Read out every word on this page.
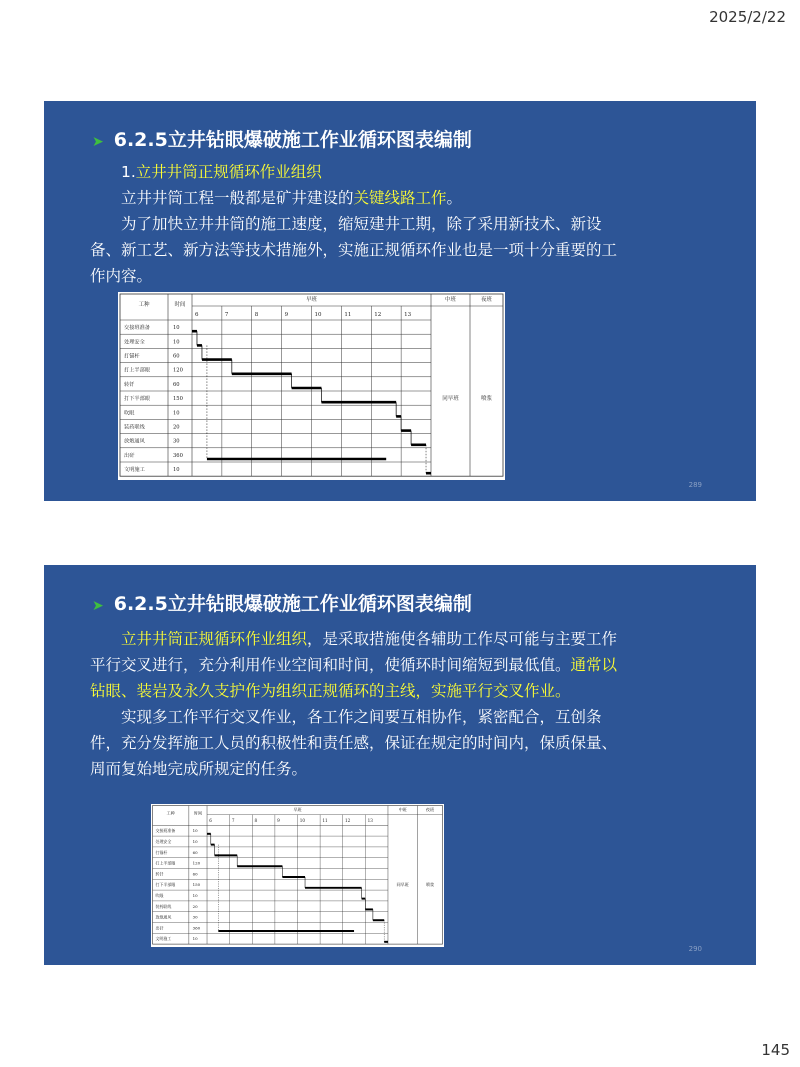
2025/2/22
➤ 6.2.5立井钻眼爆破施工作业循环图表编制
1.立井井筒正规循环作业组织
立井井筒工程一般都是矿井建设的关键线路工作。
为了加快立井井筒的施工速度，缩短建井工期，除了采用新技术、新设备、新工艺、新方法等技术措施外，实施正规循环作业也是一项十分重要的工作内容。
工种	时间
早班	中班	夜班
6	7	8	9	10	11	12	13
交接班准备	10
处理安全	10
打锚杆	60
打上半部眼	120
转钎	60
打下半部眼	150
吹眼	10
装药联线	20
放炮通风	30
出矸	360
文明施工	10
同早班	喷浆
289
➤ 6.2.5立井钻眼爆破施工作业循环图表编制
立井井筒正规循环作业组织，是采取措施使各辅助工作尽可能与主要工作平行交叉进行，充分利用作业空间和时间，使循环时间缩短到最低值。通常以钻眼、装岩及永久支护作为组织正规循环的主线，实施平行交叉作业。
实现多工作平行交叉作业，各工作之间要互相协作，紧密配合，互创条件，充分发挥施工人员的积极性和责任感，保证在规定的时间内，保质保量、周而复始地完成所规定的任务。
工种	时间
早班	中班	夜班
6	7	8	9	10	11	12	13
交接班准备	10
处理安全	10
打锚杆	60
打上半部眼	120
转钎	60
打下半部眼	150
吹眼	10
装药联线	20
放炮通风	30
出矸	360
文明施工	10
同早班	喷浆
290
145
